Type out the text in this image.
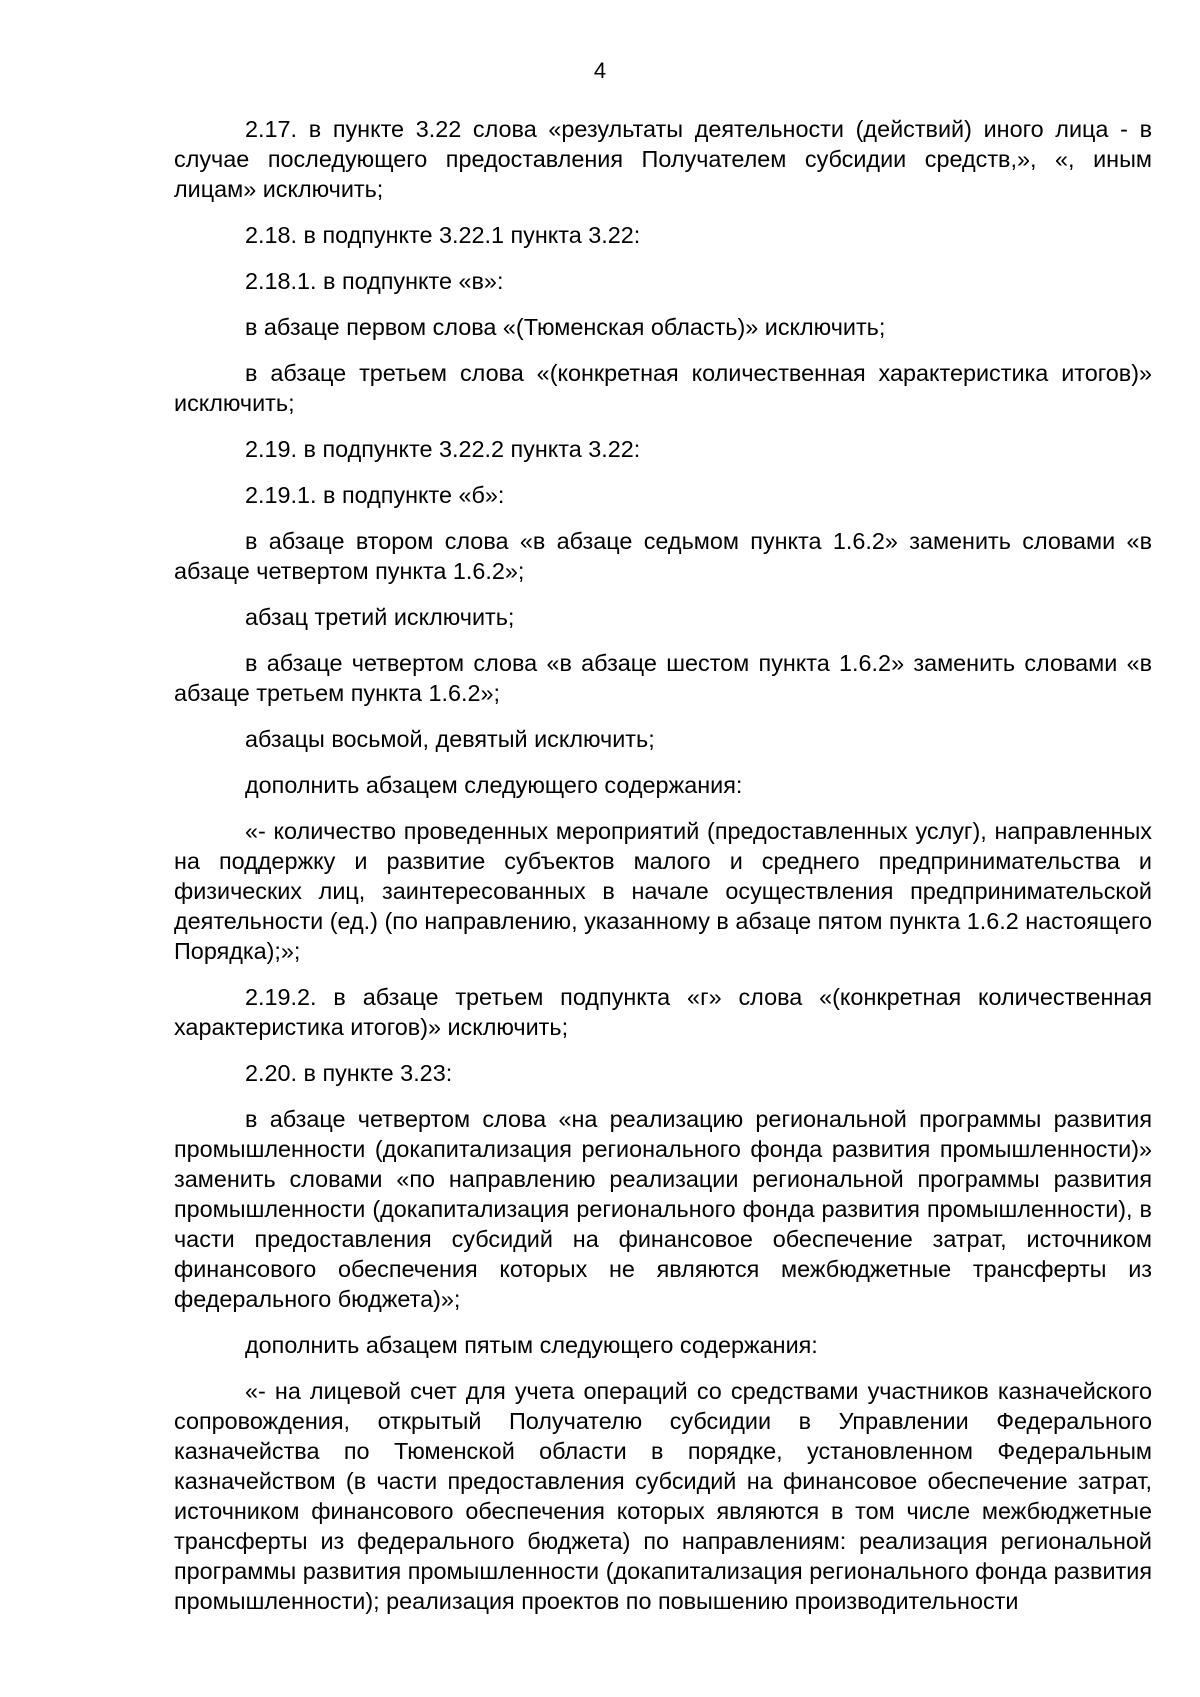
4

2.17. в пункте 3.22 слова «результаты деятельности (действий) иного лица - в случае последующего предоставления Получателем субсидии средств,», «, иным лицам» исключить;

2.18. в подпункте 3.22.1 пункта 3.22:

2.18.1. в подпункте «в»:

в абзаце первом слова «(Тюменская область)» исключить;

в абзаце третьем слова «(конкретная количественная характеристика итогов)» исключить;

2.19. в подпункте 3.22.2 пункта 3.22:

2.19.1. в подпункте «б»:

в абзаце втором слова «в абзаце седьмом пункта 1.6.2» заменить словами «в абзаце четвертом пункта 1.6.2»;

абзац третий исключить;

в абзаце четвертом слова «в абзаце шестом пункта 1.6.2» заменить словами «в абзаце третьем пункта 1.6.2»;

абзацы восьмой, девятый исключить;

дополнить абзацем следующего содержания:

«- количество проведенных мероприятий (предоставленных услуг), направленных на поддержку и развитие субъектов малого и среднего предпринимательства и физических лиц, заинтересованных в начале осуществления предпринимательской деятельности (ед.) (по направлению, указанному в абзаце пятом пункта 1.6.2 настоящего Порядка);»;

2.19.2. в абзаце третьем подпункта «г» слова «(конкретная количественная характеристика итогов)» исключить;

2.20. в пункте 3.23:

в абзаце четвертом слова «на реализацию региональной программы развития промышленности (докапитализация регионального фонда развития промышленности)» заменить словами «по направлению реализации региональной программы развития промышленности (докапитализация регионального фонда развития промышленности), в части предоставления субсидий на финансовое обеспечение затрат, источником финансового обеспечения которых не являются межбюджетные трансферты из федерального бюджета)»;

дополнить абзацем пятым следующего содержания:

«- на лицевой счет для учета операций со средствами участников казначейского сопровождения, открытый Получателю субсидии в Управлении Федерального казначейства по Тюменской области в порядке, установленном Федеральным казначейством (в части предоставления субсидий на финансовое обеспечение затрат, источником финансового обеспечения которых являются в том числе межбюджетные трансферты из федерального бюджета) по направлениям: реализация региональной программы развития промышленности (докапитализация регионального фонда развития промышленности); реализация проектов по повышению производительности
